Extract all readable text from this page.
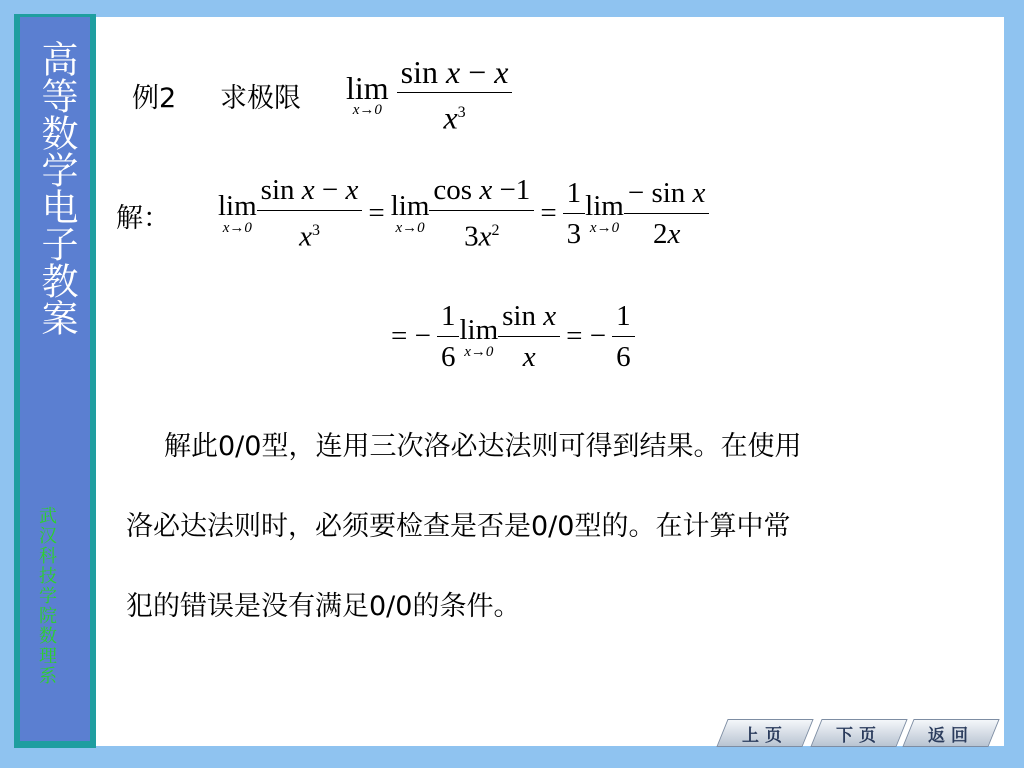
高等数学电子教案
武汉科技学院数理系
例2 求极限 lim
x→0
$\frac{\text{sin x − x}}{x^3}$
解： lim
$x\to 0 \frac{\text{sin x − x}}{x^3} = \lim$
$x\to 0 \frac{\text{cos x −1}}{3x^2} = \frac{1}{3}$ lim
$x\to 0 \frac{\text{− sin x}}{2x}$
= − $\frac{1}{6}$ lim
$x\to 0 \frac{\text{sin x}}{x}$ = − $\frac{1}{6}$
解此0/0型，连用三次洛必达法则可得到结果。在使用
洛必达法则时，必须要检查是否是0/0型的。在计算中常
犯的错误是没有满足0/0的条件。
上页	下页	返回
